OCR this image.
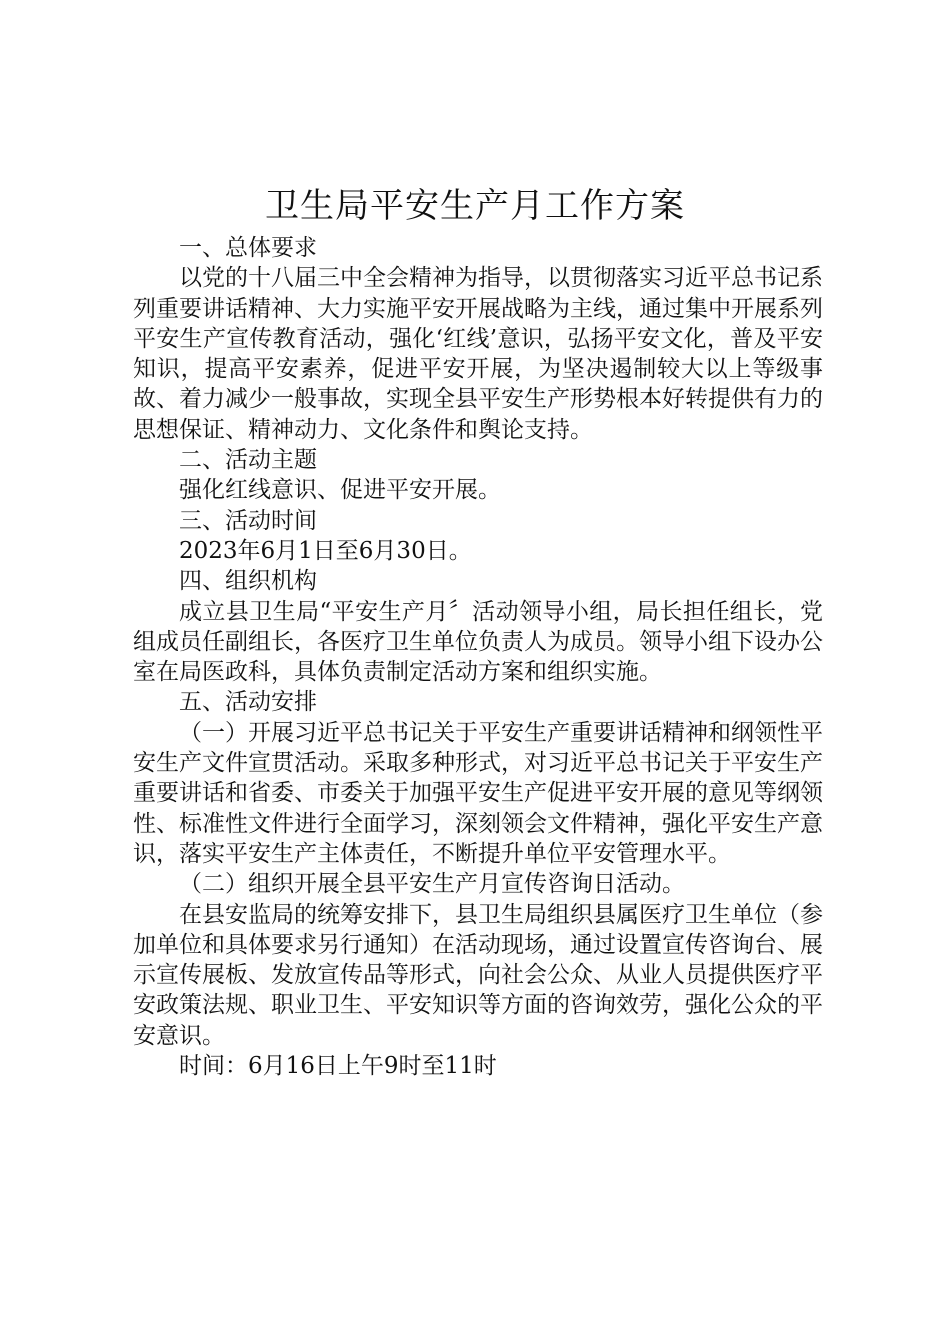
卫生局平安生产月工作方案

一、总体要求

以党的十八届三中全会精神为指导，以贯彻落实习近平总书记系列重要讲话精神、大力实施平安开展战略为主线，通过集中开展系列平安生产宣传教育活动，强化‘红线’意识，弘扬平安文化，普及平安知识，提高平安素养，促进平安开展，为坚决遏制较大以上等级事故、着力减少一般事故，实现全县平安生产形势根本好转提供有力的思想保证、精神动力、文化条件和舆论支持。

二、活动主题

强化红线意识、促进平安开展。

三、活动时间

2023年6月1日至6月30日。

四、组织机构

成立县卫生局“平安生产月〞活动领导小组，局长担任组长，党组成员任副组长，各医疗卫生单位负责人为成员。领导小组下设办公室在局医政科，具体负责制定活动方案和组织实施。

五、活动安排

（一）开展习近平总书记关于平安生产重要讲话精神和纲领性平安生产文件宣贯活动。采取多种形式，对习近平总书记关于平安生产重要讲话和省委、市委关于加强平安生产促进平安开展的意见等纲领性、标准性文件进行全面学习，深刻领会文件精神，强化平安生产意识，落实平安生产主体责任，不断提升单位平安管理水平。

（二）组织开展全县平安生产月宣传咨询日活动。

在县安监局的统筹安排下，县卫生局组织县属医疗卫生单位（参加单位和具体要求另行通知）在活动现场，通过设置宣传咨询台、展示宣传展板、发放宣传品等形式，向社会公众、从业人员提供医疗平安政策法规、职业卫生、平安知识等方面的咨询效劳，强化公众的平安意识。

时间：6月16日上午9时至11时
